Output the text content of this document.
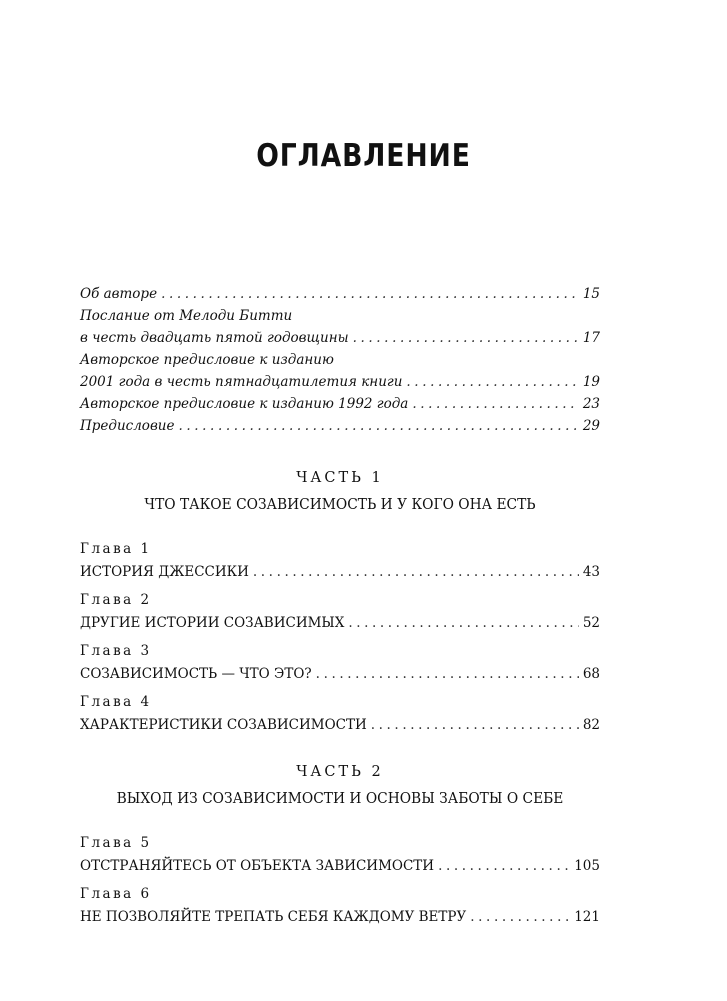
ОГЛАВЛЕНИЕ
Об авторе .....	15
Послание от Мелоди Битти
в честь двадцать пятой годовщины .....	17
Авторское предисловие к изданию
2001 года в честь пятнадцатилетия книги .....	19
Авторское предисловие к изданию 1992 года .....	23
Предисловие .....	29
ЧАСТЬ 1
ЧТО ТАКОЕ СОЗАВИСИМОСТЬ И У КОГО ОНА ЕСТЬ
Глава 1
ИСТОРИЯ ДЖЕССИКИ .....	43
Глава 2
ДРУГИЕ ИСТОРИИ СОЗАВИСИМЫХ .....	52
Глава 3
СОЗАВИСИМОСТЬ — ЧТО ЭТО? .....	68
Глава 4
ХАРАКТЕРИСТИКИ СОЗАВИСИМОСТИ .....	82
ЧАСТЬ 2
ВЫХОД ИЗ СОЗАВИСИМОСТИ И ОСНОВЫ ЗАБОТЫ О СЕБЕ
Глава 5
ОТСТРАНЯЙТЕСЬ ОТ ОБЪЕКТА ЗАВИСИМОСТИ .....	105
Глава 6
НЕ ПОЗВОЛЯЙТЕ ТРЕПАТЬ СЕБЯ КАЖДОМУ ВЕТРУ .....	121
